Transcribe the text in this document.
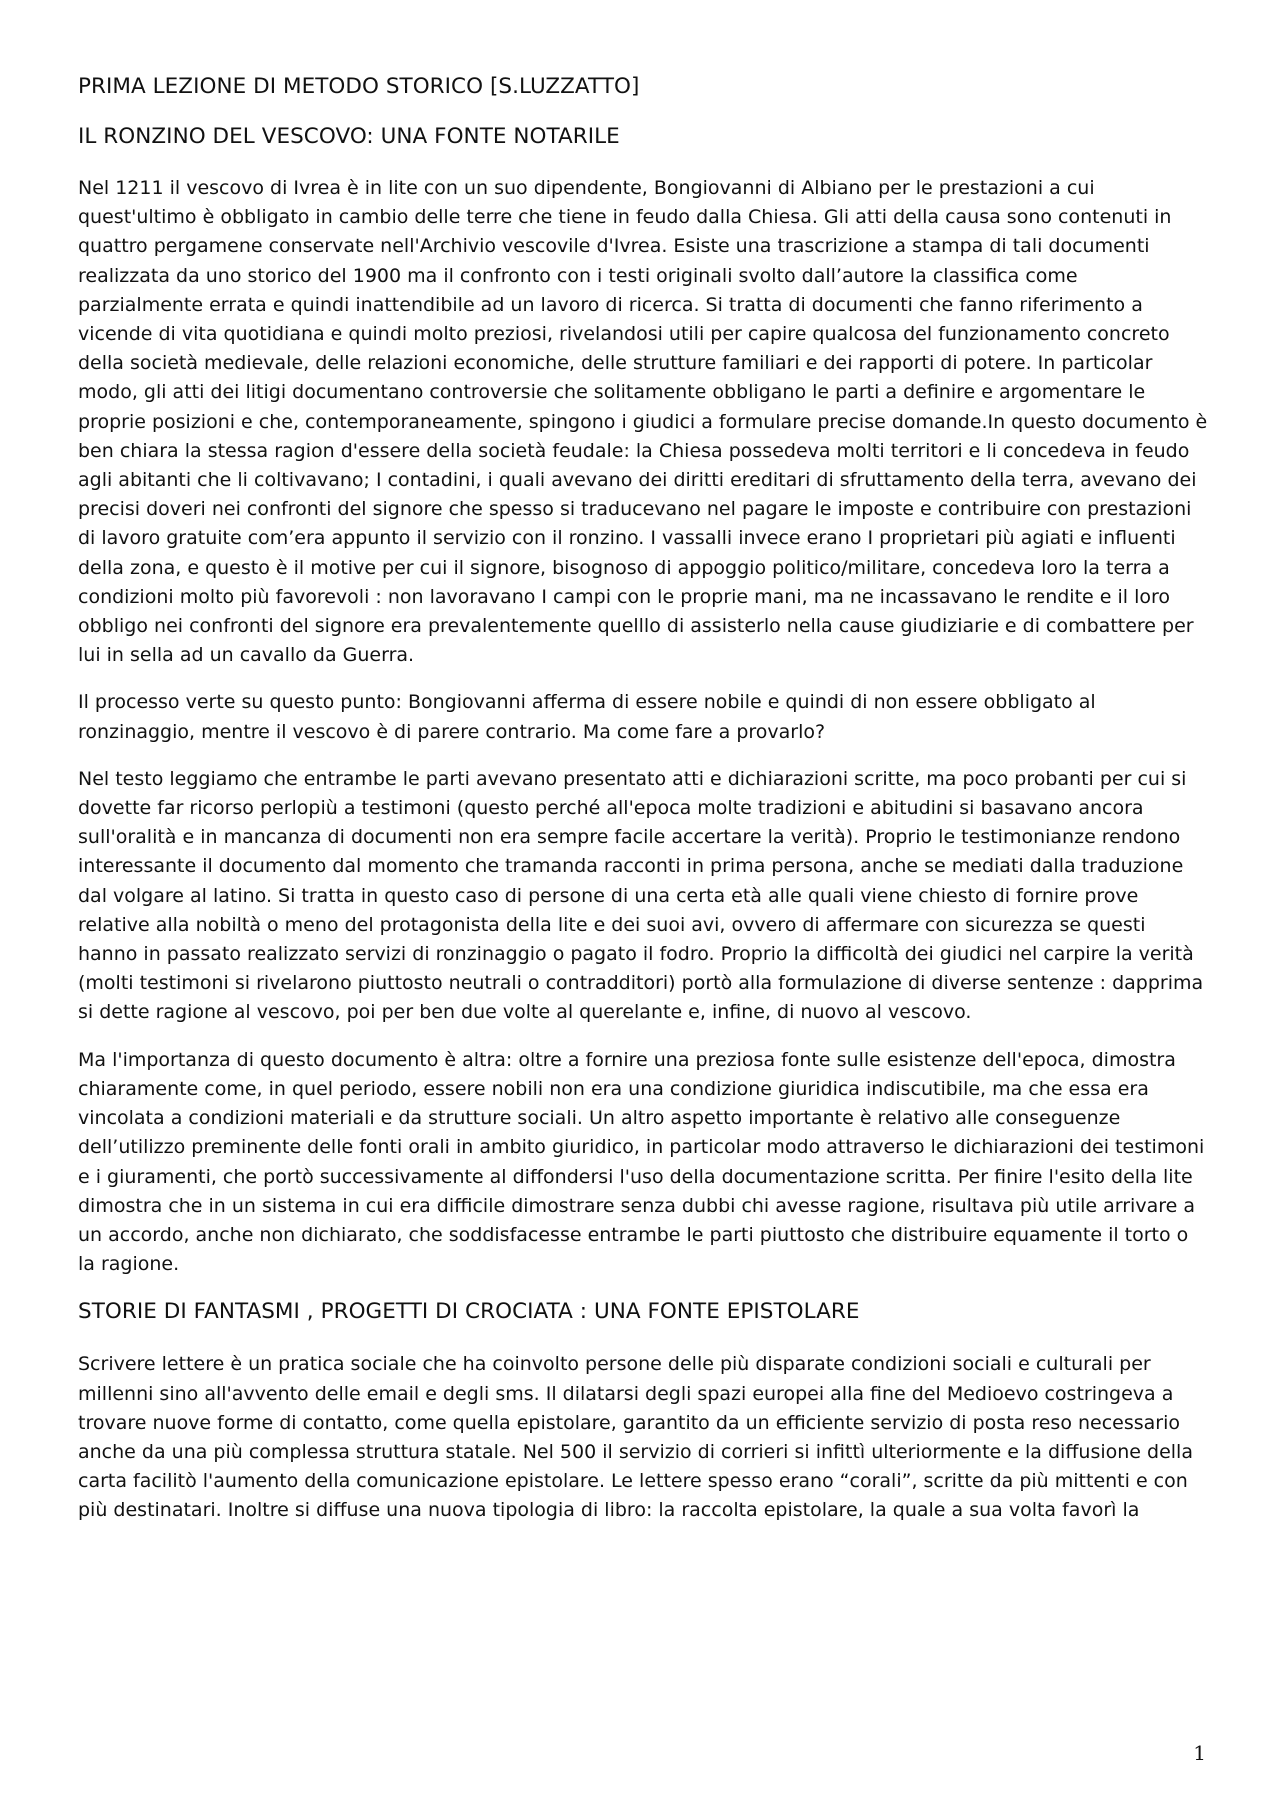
PRIMA LEZIONE DI METODO STORICO [S.LUZZATTO]
IL RONZINO DEL VESCOVO: UNA FONTE NOTARILE

Nel 1211 il vescovo di Ivrea è in lite con un suo dipendente, Bongiovanni di Albiano per le prestazioni a cui quest'ultimo è obbligato in cambio delle terre che tiene in feudo dalla Chiesa. Gli atti della causa sono contenuti in quattro pergamene conservate nell'Archivio vescovile d'Ivrea. Esiste una trascrizione a stampa di tali documenti realizzata da uno storico del 1900 ma il confronto con i testi originali svolto dall’autore la classifica come parzialmente errata e quindi inattendibile ad un lavoro di ricerca. Si tratta di documenti che fanno riferimento a vicende di vita quotidiana e quindi molto preziosi, rivelandosi utili per capire qualcosa del funzionamento concreto della società medievale, delle relazioni economiche, delle strutture familiari e dei rapporti di potere. In particolar modo, gli atti dei litigi documentano controversie che solitamente obbligano le parti a definire e argomentare le proprie posizioni e che, contemporaneamente, spingono i giudici a formulare precise domande.In questo documento è ben chiara la stessa ragion d'essere della società feudale: la Chiesa possedeva molti territori e li concedeva in feudo agli abitanti che li coltivavano; I contadini, i quali avevano dei diritti ereditari di sfruttamento della terra, avevano dei precisi doveri nei confronti del signore che spesso si traducevano nel pagare le imposte e contribuire con prestazioni di lavoro gratuite com’era appunto il servizio con il ronzino. I vassalli invece erano I proprietari più agiati e influenti della zona, e questo è il motive per cui il signore, bisognoso di appoggio politico/militare, concedeva loro la terra a condizioni molto più favorevoli : non lavoravano I campi con le proprie mani, ma ne incassavano le rendite e il loro obbligo nei confronti del signore era prevalentemente quelllo di assisterlo nella cause giudiziarie e di combattere per lui in sella ad un cavallo da Guerra.

Il processo verte su questo punto: Bongiovanni afferma di essere nobile e quindi di non essere obbligato al ronzinaggio, mentre il vescovo è di parere contrario. Ma come fare a provarlo?

Nel testo leggiamo che entrambe le parti avevano presentato atti e dichiarazioni scritte, ma poco probanti per cui si dovette far ricorso perlopiù a testimoni (questo perché all'epoca molte tradizioni e abitudini si basavano ancora sull'oralità e in mancanza di documenti non era sempre facile accertare la verità). Proprio le testimonianze rendono interessante il documento dal momento che tramanda racconti in prima persona, anche se mediati dalla traduzione dal volgare al latino. Si tratta in questo caso di persone di una certa età alle quali viene chiesto di fornire prove relative alla nobiltà o meno del protagonista della lite e dei suoi avi, ovvero di affermare con sicurezza se questi hanno in passato realizzato servizi di ronzinaggio o pagato il fodro. Proprio la difficoltà dei giudici nel carpire la verità (molti testimoni si rivelarono piuttosto neutrali o contradditori) portò alla formulazione di diverse sentenze : dapprima si dette ragione al vescovo, poi per ben due volte al querelante e, infine, di nuovo al vescovo.

Ma l'importanza di questo documento è altra: oltre a fornire una preziosa fonte sulle esistenze dell'epoca, dimostra chiaramente come, in quel periodo, essere nobili non era una condizione giuridica indiscutibile, ma che essa era vincolata a condizioni materiali e da strutture sociali. Un altro aspetto importante è relativo alle conseguenze dell’utilizzo preminente delle fonti orali in ambito giuridico, in particolar modo attraverso le dichiarazioni dei testimoni e i giuramenti, che portò successivamente al diffondersi l'uso della documentazione scritta. Per finire l'esito della lite dimostra che in un sistema in cui era difficile dimostrare senza dubbi chi avesse ragione, risultava più utile arrivare a un accordo, anche non dichiarato, che soddisfacesse entrambe le parti piuttosto che distribuire equamente il torto o la ragione.

STORIE DI FANTASMI , PROGETTI DI CROCIATA : UNA FONTE EPISTOLARE

Scrivere lettere è un pratica sociale che ha coinvolto persone delle più disparate condizioni sociali e culturali per millenni sino all'avvento delle email e degli sms. Il dilatarsi degli spazi europei alla fine del Medioevo costringeva a trovare nuove forme di contatto, come quella epistolare, garantito da un efficiente servizio di posta reso necessario anche da una più complessa struttura statale. Nel 500 il servizio di corrieri si infittì ulteriormente e la diffusione della carta facilitò l'aumento della comunicazione epistolare. Le lettere spesso erano “corali”, scritte da più mittenti e con più destinatari. Inoltre si diffuse una nuova tipologia di libro: la raccolta epistolare, la quale a sua volta favorì la

1
